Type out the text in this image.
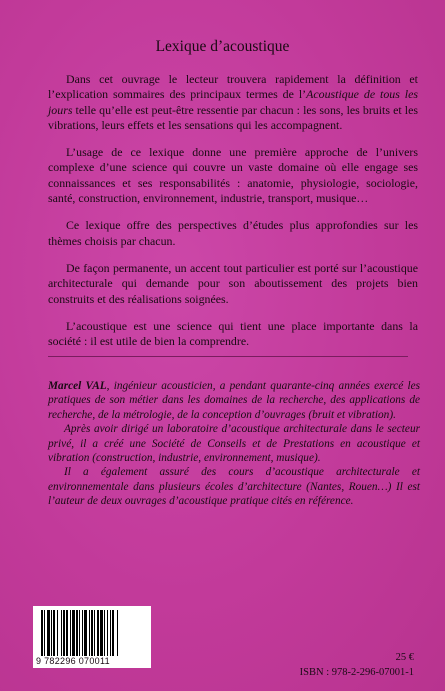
Lexique d’acoustique

Dans cet ouvrage le lecteur trouvera rapidement la définition et l’explication sommaires des principaux termes de l’Acoustique de tous les jours telle qu’elle est peut-être ressentie par chacun : les sons, les bruits et les vibrations, leurs effets et les sensations qui les accompagnent.

L’usage de ce lexique donne une première approche de l’univers complexe d’une science qui couvre un vaste domaine où elle engage ses connaissances et ses responsabilités : anatomie, physiologie, sociologie, santé, construction, environnement, industrie, transport, musique…

Ce lexique offre des perspectives d’études plus approfondies sur les thèmes choisis par chacun.

De façon permanente, un accent tout particulier est porté sur l’acoustique architecturale qui demande pour son aboutissement des projets bien construits et des réalisations soignées.

L’acoustique est une science qui tient une place importante dans la société : il est utile de bien la comprendre.

Marcel VAL, ingénieur acousticien, a pendant quarante-cinq années exercé les pratiques de son métier dans les domaines de la recherche, des applications de recherche, de la métrologie, de la conception d’ouvrages (bruit et vibration).

Après avoir dirigé un laboratoire d’acoustique architecturale dans le secteur privé, il a créé une Société de Conseils et de Prestations en acoustique et vibration (construction, industrie, environnement, musique).

Il a également assuré des cours d’acoustique architecturale et environnementale dans plusieurs écoles d’architecture (Nantes, Rouen…) Il est l’auteur de deux ouvrages d’acoustique pratique cités en référence.

9 782296 070011	25 €
ISBN : 978-2-296-07001-1
